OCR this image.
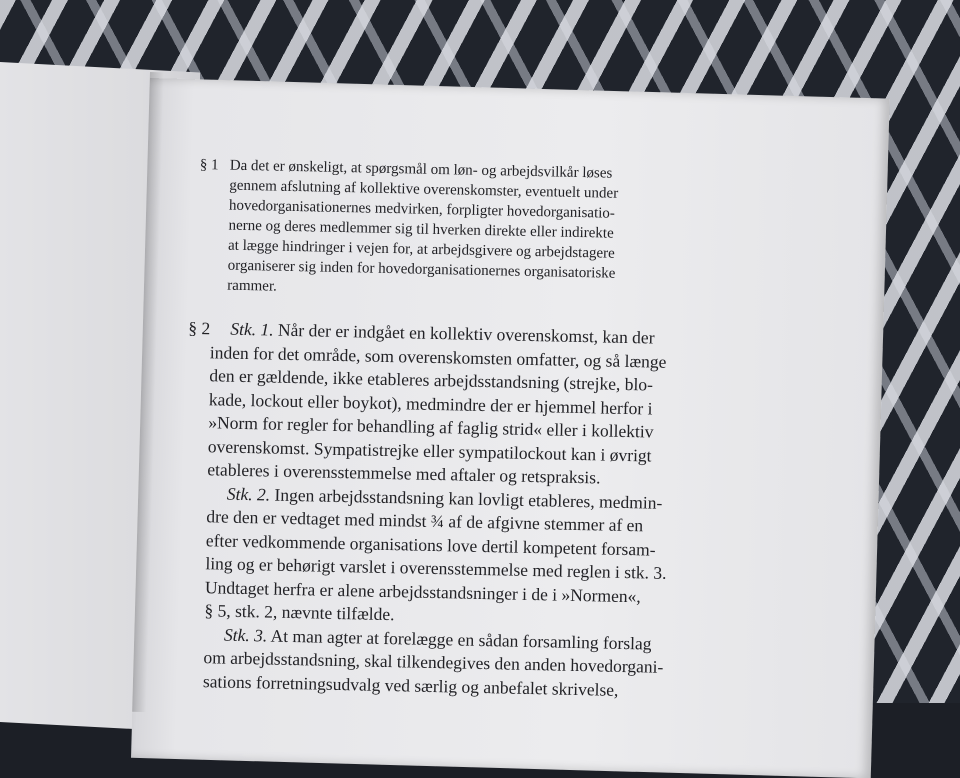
§ 1 Da det er ønskeligt, at spørgsmål om løn- og arbejdsvilkår løses
gennem afslutning af kollektive overenskomster, eventuelt under
hovedorganisationernes medvirken, forpligter hovedorganisatio-
nerne og deres medlemmer sig til hverken direkte eller indirekte
at lægge hindringer i vejen for, at arbejdsgivere og arbejdstagere
organiserer sig inden for hovedorganisationernes organisatoriske
rammer.
§ 2	Stk. 1. Når der er indgået en kollektiv overenskomst, kan der
inden for det område, som overenskomsten omfatter, og så længe
den er gældende, ikke etableres arbejdsstandsning (strejke, blo-
kade, lockout eller boykot), medmindre der er hjemmel herfor i
»Norm for regler for behandling af faglig strid« eller i kollektiv
overenskomst. Sympatistrejke eller sympatilockout kan i øvrigt
etableres i overensstemmelse med aftaler og retspraksis.
Stk. 2. Ingen arbejdsstandsning kan lovligt etableres, medmin-
dre den er vedtaget med mindst ¾ af de afgivne stemmer af en
efter vedkommende organisations love dertil kompetent forsam-
ling og er behørigt varslet i overensstemmelse med reglen i stk. 3.
Undtaget herfra er alene arbejdsstandsninger i de i »Normen«,
§ 5, stk. 2, nævnte tilfælde.
Stk. 3. At man agter at forelægge en sådan forsamling forslag
om arbejdsstandsning, skal tilkendegives den anden hovedorgani-
sations forretningsudvalg ved særlig og anbefalet skrivelse,
